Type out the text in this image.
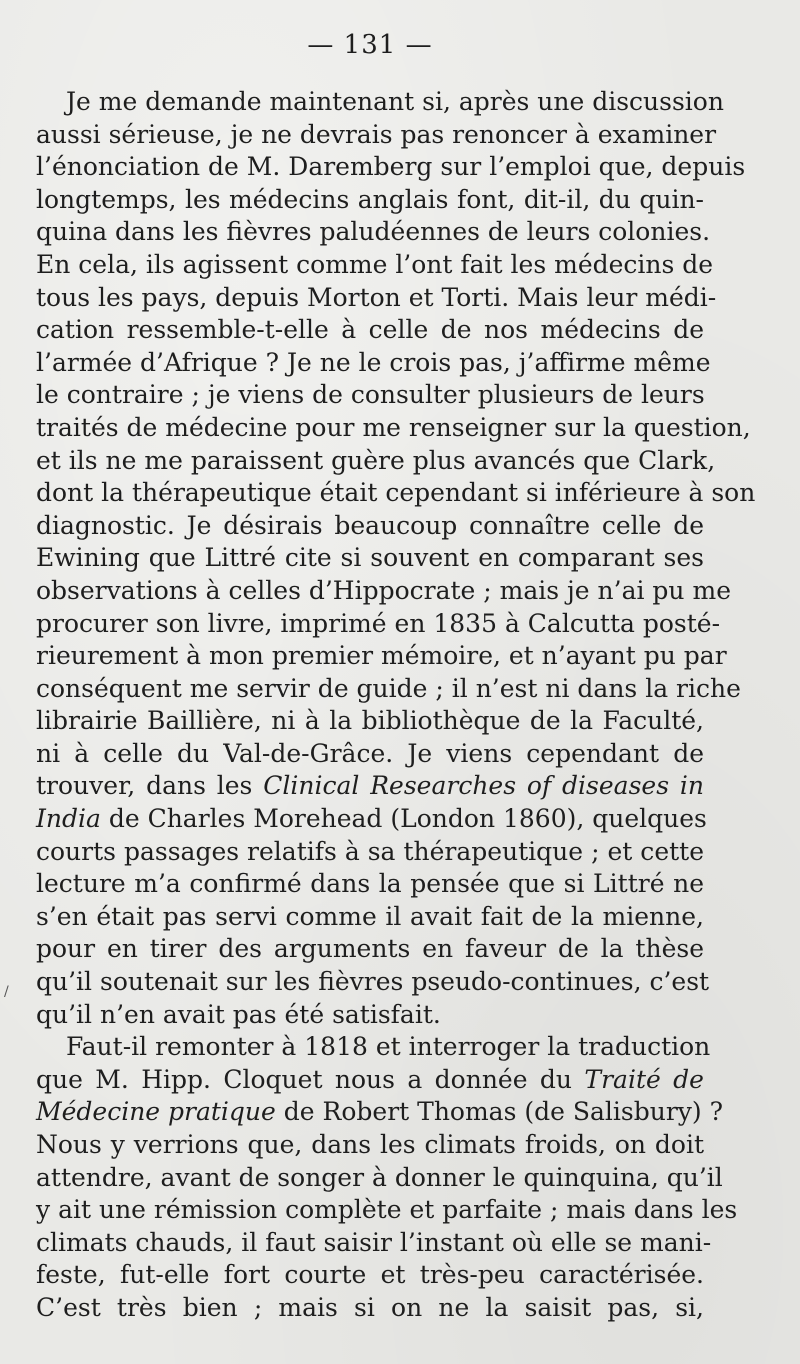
— 131 —
/
Je me demande maintenant si, après une discussion
aussi sérieuse, je ne devrais pas renoncer à examiner
l’énonciation de M. Daremberg sur l’emploi que, depuis
longtemps, les médecins anglais font, dit-il, du quin-
quina dans les fièvres paludéennes de leurs colonies.
En cela, ils agissent comme l’ont fait les médecins de
tous les pays, depuis Morton et Torti. Mais leur médi-
cation ressemble-t-elle à celle de nos médecins de
l’armée d’Afrique ? Je ne le crois pas, j’affirme même
le contraire ; je viens de consulter plusieurs de leurs
traités de médecine pour me renseigner sur la question,
et ils ne me paraissent guère plus avancés que Clark,
dont la thérapeutique était cependant si inférieure à son
diagnostic. Je désirais beaucoup connaître celle de
Ewining que Littré cite si souvent en comparant ses
observations à celles d’Hippocrate ; mais je n’ai pu me
procurer son livre, imprimé en 1835 à Calcutta posté-
rieurement à mon premier mémoire, et n’ayant pu par
conséquent me servir de guide ; il n’est ni dans la riche
librairie Baillière, ni à la bibliothèque de la Faculté,
ni à celle du Val-de-Grâce. Je viens cependant de
trouver, dans les Clinical Researches of diseases in
India de Charles Morehead (London 1860), quelques
courts passages relatifs à sa thérapeutique ; et cette
lecture m’a confirmé dans la pensée que si Littré ne
s’en était pas servi comme il avait fait de la mienne,
pour en tirer des arguments en faveur de la thèse
qu’il soutenait sur les fièvres pseudo-continues, c’est
qu’il n’en avait pas été satisfait.
Faut-il remonter à 1818 et interroger la traduction
que M. Hipp. Cloquet nous a donnée du Traité de
Médecine pratique de Robert Thomas (de Salisbury) ?
Nous y verrions que, dans les climats froids, on doit
attendre, avant de songer à donner le quinquina, qu’il
y ait une rémission complète et parfaite ; mais dans les
climats chauds, il faut saisir l’instant où elle se mani-
feste, fut-elle fort courte et très-peu caractérisée.
C’est très bien ; mais si on ne la saisit pas, si,
